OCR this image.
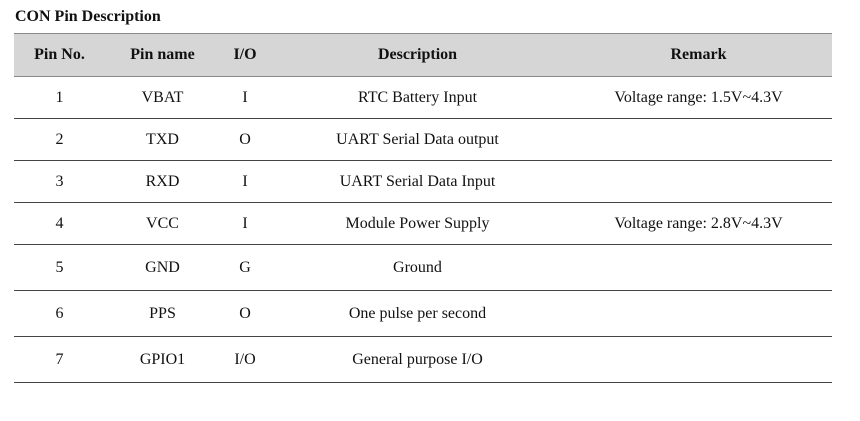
CON Pin Description
Pin No.	Pin name	I/O	Description	Remark
1	VBAT	I	RTC Battery Input	Voltage range: 1.5V~4.3V
2	TXD	O	UART Serial Data output	
3	RXD	I	UART Serial Data Input	
4	VCC	I	Module Power Supply	Voltage range: 2.8V~4.3V
5	GND	G	Ground	
6	PPS	O	One pulse per second	
7	GPIO1	I/O	General purpose I/O	
